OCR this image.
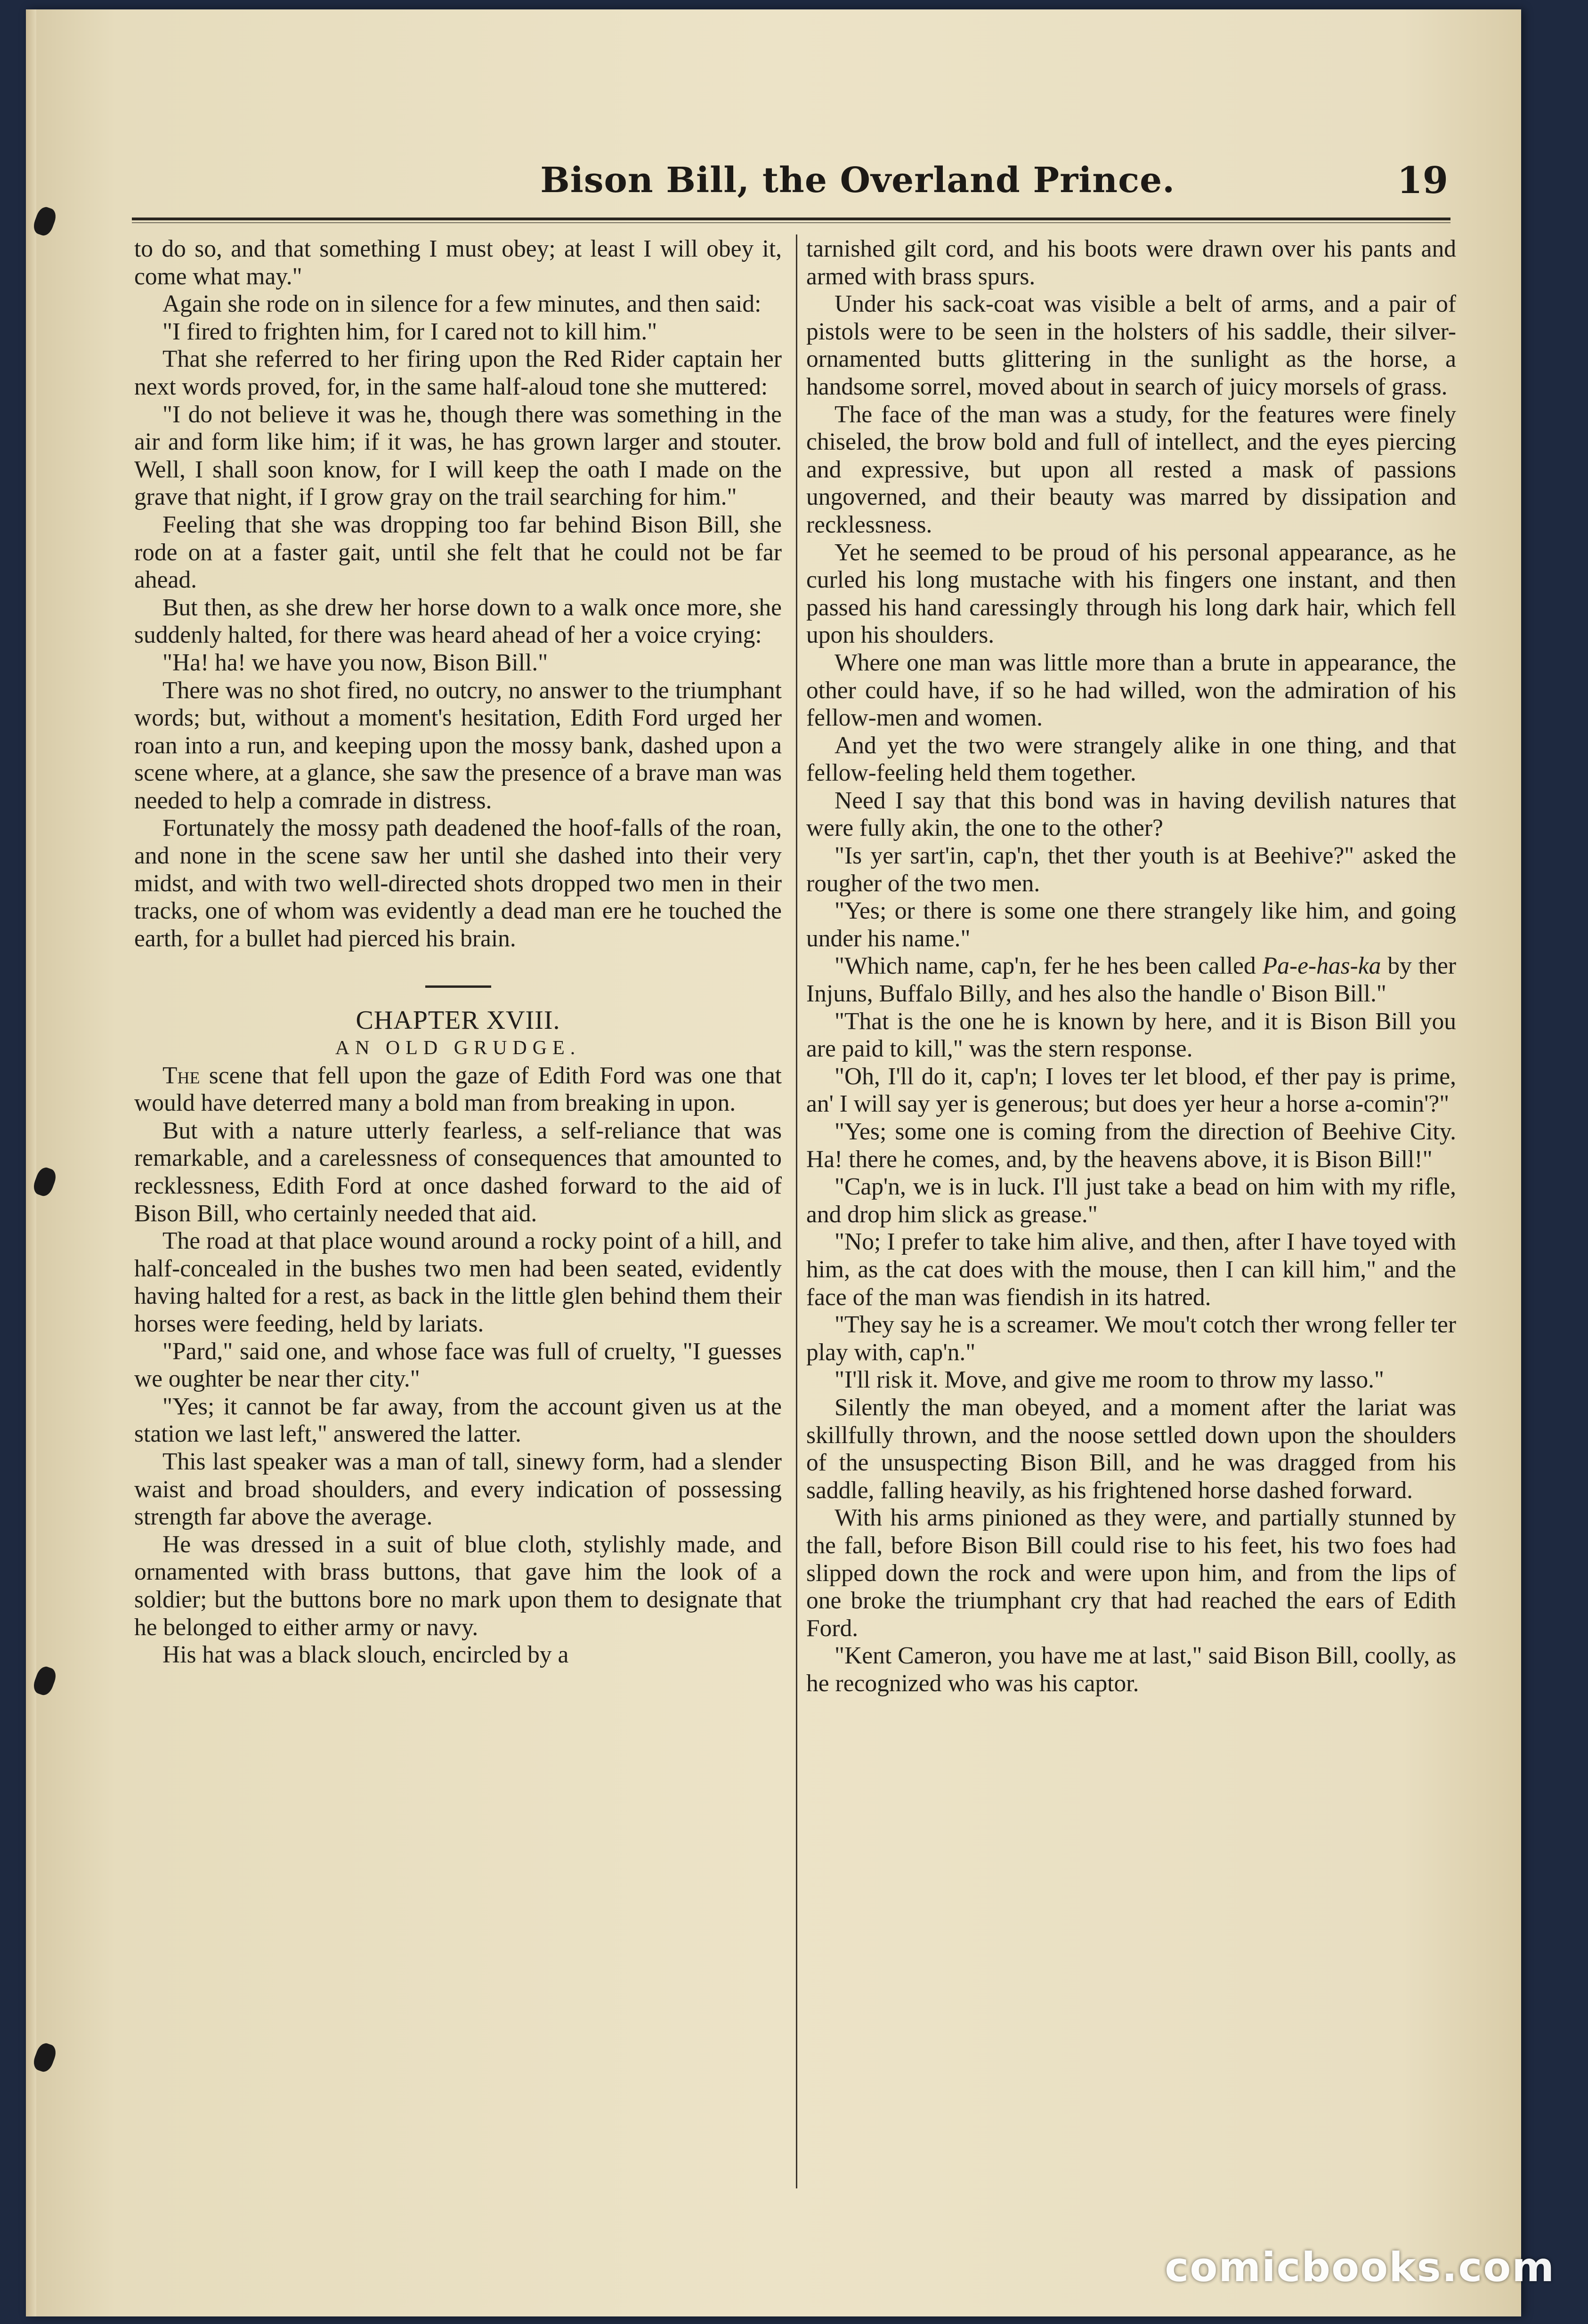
Bison Bill, the Overland Prince.	19

to do so, and that something I must obey; at least I will obey it, come what may."

Again she rode on in silence for a few minutes, and then said:

"I fired to frighten him, for I cared not to kill him."

That she referred to her firing upon the Red Rider captain her next words proved, for, in the same half-aloud tone she muttered:

"I do not believe it was he, though there was something in the air and form like him; if it was, he has grown larger and stouter. Well, I shall soon know, for I will keep the oath I made on the grave that night, if I grow gray on the trail searching for him."

Feeling that she was dropping too far behind Bison Bill, she rode on at a faster gait, until she felt that he could not be far ahead.

But then, as she drew her horse down to a walk once more, she suddenly halted, for there was heard ahead of her a voice crying:

"Ha! ha! we have you now, Bison Bill."

There was no shot fired, no outcry, no answer to the triumphant words; but, without a moment's hesitation, Edith Ford urged her roan into a run, and keeping upon the mossy bank, dashed upon a scene where, at a glance, she saw the presence of a brave man was needed to help a comrade in distress.

Fortunately the mossy path deadened the hoof-falls of the roan, and none in the scene saw her until she dashed into their very midst, and with two well-directed shots dropped two men in their tracks, one of whom was evidently a dead man ere he touched the earth, for a bullet had pierced his brain.

CHAPTER XVIII.

AN OLD GRUDGE.

The scene that fell upon the gaze of Edith Ford was one that would have deterred many a bold man from breaking in upon.

But with a nature utterly fearless, a self-reliance that was remarkable, and a carelessness of consequences that amounted to recklessness, Edith Ford at once dashed forward to the aid of Bison Bill, who certainly needed that aid.

The road at that place wound around a rocky point of a hill, and half-concealed in the bushes two men had been seated, evidently having halted for a rest, as back in the little glen behind them their horses were feeding, held by lariats.

"Pard," said one, and whose face was full of cruelty, "I guesses we oughter be near ther city."

"Yes; it cannot be far away, from the account given us at the station we last left," answered the latter.

This last speaker was a man of tall, sinewy form, had a slender waist and broad shoulders, and every indication of possessing strength far above the average.

He was dressed in a suit of blue cloth, stylishly made, and ornamented with brass buttons, that gave him the look of a soldier; but the buttons bore no mark upon them to designate that he belonged to either army or navy.

His hat was a black slouch, encircled by a

tarnished gilt cord, and his boots were drawn over his pants and armed with brass spurs.

Under his sack-coat was visible a belt of arms, and a pair of pistols were to be seen in the holsters of his saddle, their silver-ornamented butts glittering in the sunlight as the horse, a handsome sorrel, moved about in search of juicy morsels of grass.

The face of the man was a study, for the features were finely chiseled, the brow bold and full of intellect, and the eyes piercing and expressive, but upon all rested a mask of passions ungoverned, and their beauty was marred by dissipation and recklessness.

Yet he seemed to be proud of his personal appearance, as he curled his long mustache with his fingers one instant, and then passed his hand caressingly through his long dark hair, which fell upon his shoulders.

Where one man was little more than a brute in appearance, the other could have, if so he had willed, won the admiration of his fellow-men and women.

And yet the two were strangely alike in one thing, and that fellow-feeling held them together.

Need I say that this bond was in having devilish natures that were fully akin, the one to the other?

"Is yer sart'in, cap'n, thet ther youth is at Beehive?" asked the rougher of the two men.

"Yes; or there is some one there strangely like him, and going under his name."

"Which name, cap'n, fer he hes been called Pa-e-has-ka by ther Injuns, Buffalo Billy, and hes also the handle o' Bison Bill."

"That is the one he is known by here, and it is Bison Bill you are paid to kill," was the stern response.

"Oh, I'll do it, cap'n; I loves ter let blood, ef ther pay is prime, an' I will say yer is generous; but does yer heur a horse a-comin'?"

"Yes; some one is coming from the direction of Beehive City. Ha! there he comes, and, by the heavens above, it is Bison Bill!"

"Cap'n, we is in luck. I'll just take a bead on him with my rifle, and drop him slick as grease."

"No; I prefer to take him alive, and then, after I have toyed with him, as the cat does with the mouse, then I can kill him," and the face of the man was fiendish in its hatred.

"They say he is a screamer. We mou't cotch ther wrong feller ter play with, cap'n."

"I'll risk it. Move, and give me room to throw my lasso."

Silently the man obeyed, and a moment after the lariat was skillfully thrown, and the noose settled down upon the shoulders of the unsuspecting Bison Bill, and he was dragged from his saddle, falling heavily, as his frightened horse dashed forward.

With his arms pinioned as they were, and partially stunned by the fall, before Bison Bill could rise to his feet, his two foes had slipped down the rock and were upon him, and from the lips of one broke the triumphant cry that had reached the ears of Edith Ford.

"Kent Cameron, you have me at last," said Bison Bill, coolly, as he recognized who was his captor.

comicbooks.com
